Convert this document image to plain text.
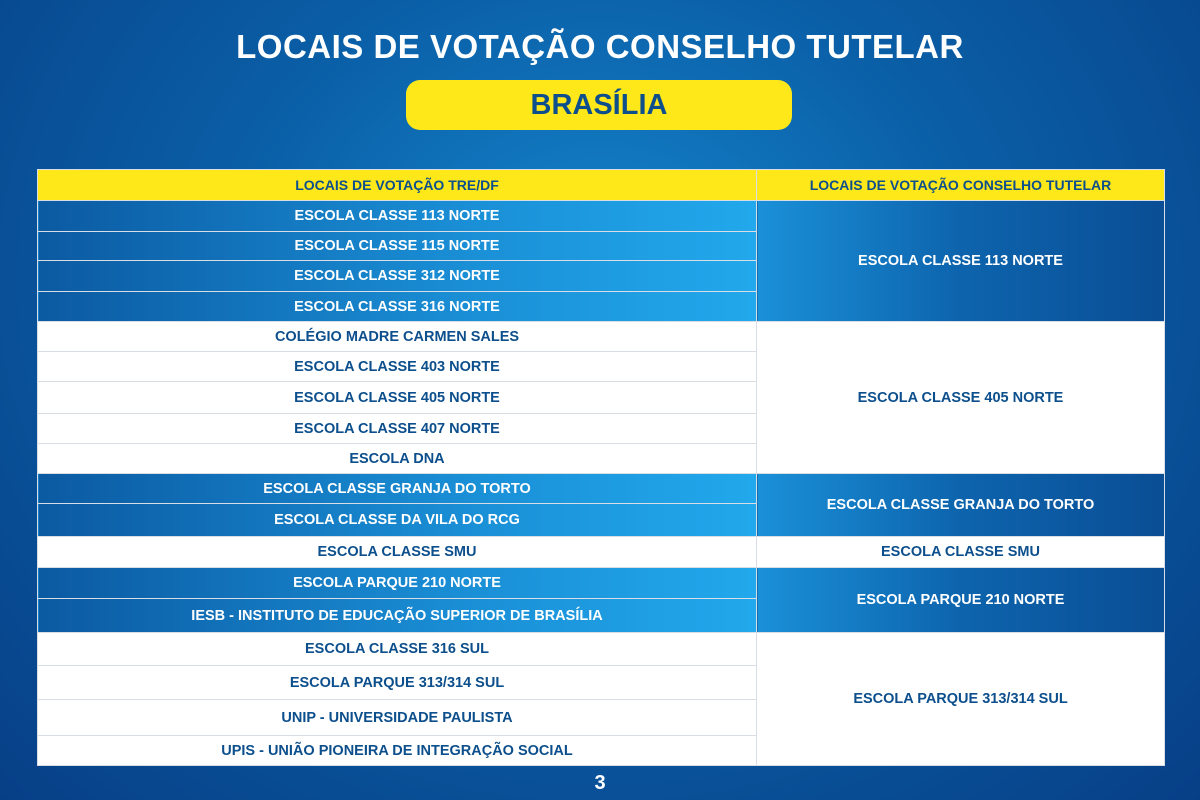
LOCAIS DE VOTAÇÃO CONSELHO TUTELAR
BRASÍLIA
LOCAIS DE VOTAÇÃO TRE/DF	LOCAIS DE VOTAÇÃO CONSELHO TUTELAR
ESCOLA CLASSE 113 NORTE	ESCOLA CLASSE 113 NORTE
ESCOLA CLASSE 115 NORTE	
ESCOLA CLASSE 312 NORTE	
ESCOLA CLASSE 316 NORTE	
COLÉGIO MADRE CARMEN SALES	ESCOLA CLASSE 405 NORTE
ESCOLA CLASSE 403 NORTE	
ESCOLA CLASSE 405 NORTE	
ESCOLA CLASSE 407 NORTE	
ESCOLA DNA	
ESCOLA CLASSE GRANJA DO TORTO	ESCOLA CLASSE GRANJA DO TORTO
ESCOLA CLASSE DA VILA DO RCG	
ESCOLA CLASSE SMU	ESCOLA CLASSE SMU
ESCOLA PARQUE 210 NORTE	ESCOLA PARQUE 210 NORTE
IESB - INSTITUTO DE EDUCAÇÃO SUPERIOR DE BRASÍLIA	
ESCOLA CLASSE 316 SUL	ESCOLA PARQUE 313/314 SUL
ESCOLA PARQUE 313/314 SUL	
UNIP - UNIVERSIDADE PAULISTA	
UPIS - UNIÃO PIONEIRA DE INTEGRAÇÃO SOCIAL	
3
